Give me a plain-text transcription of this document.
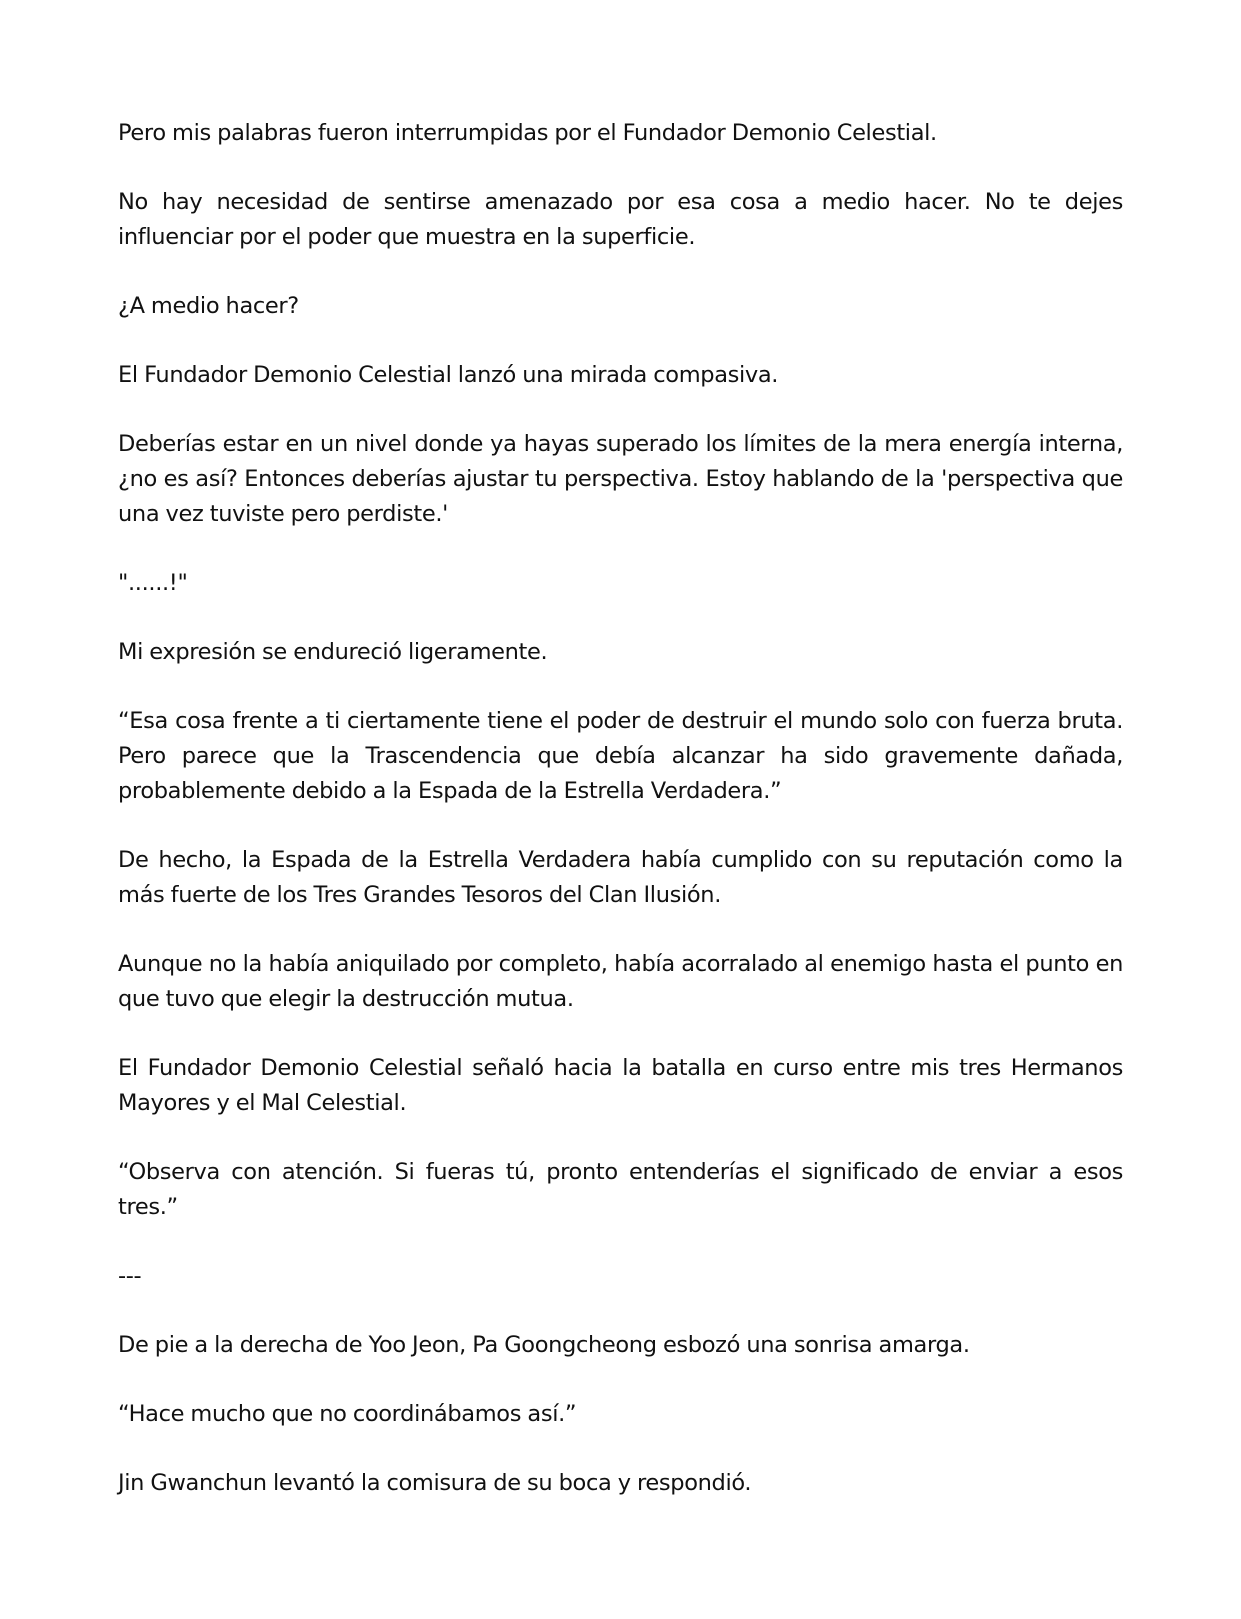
Pero mis palabras fueron interrumpidas por el Fundador Demonio Celestial.

No hay necesidad de sentirse amenazado por esa cosa a medio hacer. No te dejes influenciar por el poder que muestra en la superficie.

¿A medio hacer?

El Fundador Demonio Celestial lanzó una mirada compasiva.

Deberías estar en un nivel donde ya hayas superado los límites de la mera energía interna, ¿no es así? Entonces deberías ajustar tu perspectiva. Estoy hablando de la 'perspectiva que una vez tuviste pero perdiste.'

"......!"

Mi expresión se endureció ligeramente.

“Esa cosa frente a ti ciertamente tiene el poder de destruir el mundo solo con fuerza bruta. Pero parece que la Trascendencia que debía alcanzar ha sido gravemente dañada, probablemente debido a la Espada de la Estrella Verdadera.”

De hecho, la Espada de la Estrella Verdadera había cumplido con su reputación como la más fuerte de los Tres Grandes Tesoros del Clan Ilusión.

Aunque no la había aniquilado por completo, había acorralado al enemigo hasta el punto en que tuvo que elegir la destrucción mutua.

El Fundador Demonio Celestial señaló hacia la batalla en curso entre mis tres Hermanos Mayores y el Mal Celestial.

“Observa con atención. Si fueras tú, pronto entenderías el significado de enviar a esos tres.”

---

De pie a la derecha de Yoo Jeon, Pa Goongcheong esbozó una sonrisa amarga.

“Hace mucho que no coordinábamos así.”

Jin Gwanchun levantó la comisura de su boca y respondió.
